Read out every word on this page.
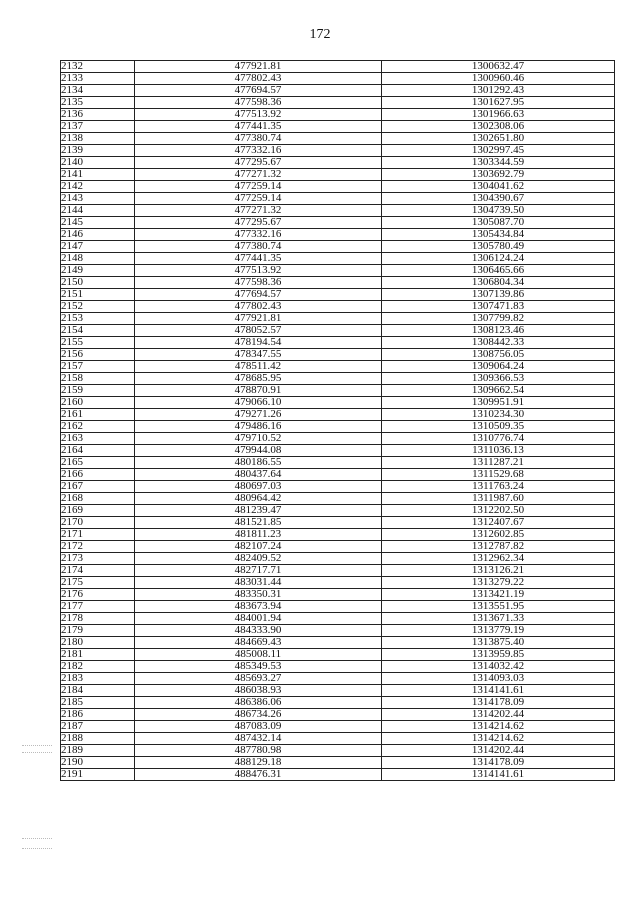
172
2132	477921.81	1300632.47
2133	477802.43	1300960.46
2134	477694.57	1301292.43
2135	477598.36	1301627.95
2136	477513.92	1301966.63
2137	477441.35	1302308.06
2138	477380.74	1302651.80
2139	477332.16	1302997.45
2140	477295.67	1303344.59
2141	477271.32	1303692.79
2142	477259.14	1304041.62
2143	477259.14	1304390.67
2144	477271.32	1304739.50
2145	477295.67	1305087.70
2146	477332.16	1305434.84
2147	477380.74	1305780.49
2148	477441.35	1306124.24
2149	477513.92	1306465.66
2150	477598.36	1306804.34
2151	477694.57	1307139.86
2152	477802.43	1307471.83
2153	477921.81	1307799.82
2154	478052.57	1308123.46
2155	478194.54	1308442.33
2156	478347.55	1308756.05
2157	478511.42	1309064.24
2158	478685.95	1309366.53
2159	478870.91	1309662.54
2160	479066.10	1309951.91
2161	479271.26	1310234.30
2162	479486.16	1310509.35
2163	479710.52	1310776.74
2164	479944.08	1311036.13
2165	480186.55	1311287.21
2166	480437.64	1311529.68
2167	480697.03	1311763.24
2168	480964.42	1311987.60
2169	481239.47	1312202.50
2170	481521.85	1312407.67
2171	481811.23	1312602.85
2172	482107.24	1312787.82
2173	482409.52	1312962.34
2174	482717.71	1313126.21
2175	483031.44	1313279.22
2176	483350.31	1313421.19
2177	483673.94	1313551.95
2178	484001.94	1313671.33
2179	484333.90	1313779.19
2180	484669.43	1313875.40
2181	485008.11	1313959.85
2182	485349.53	1314032.42
2183	485693.27	1314093.03
2184	486038.93	1314141.61
2185	486386.06	1314178.09
2186	486734.26	1314202.44
2187	487083.09	1314214.62
2188	487432.14	1314214.62
2189	487780.98	1314202.44
2190	488129.18	1314178.09
2191	488476.31	1314141.61
